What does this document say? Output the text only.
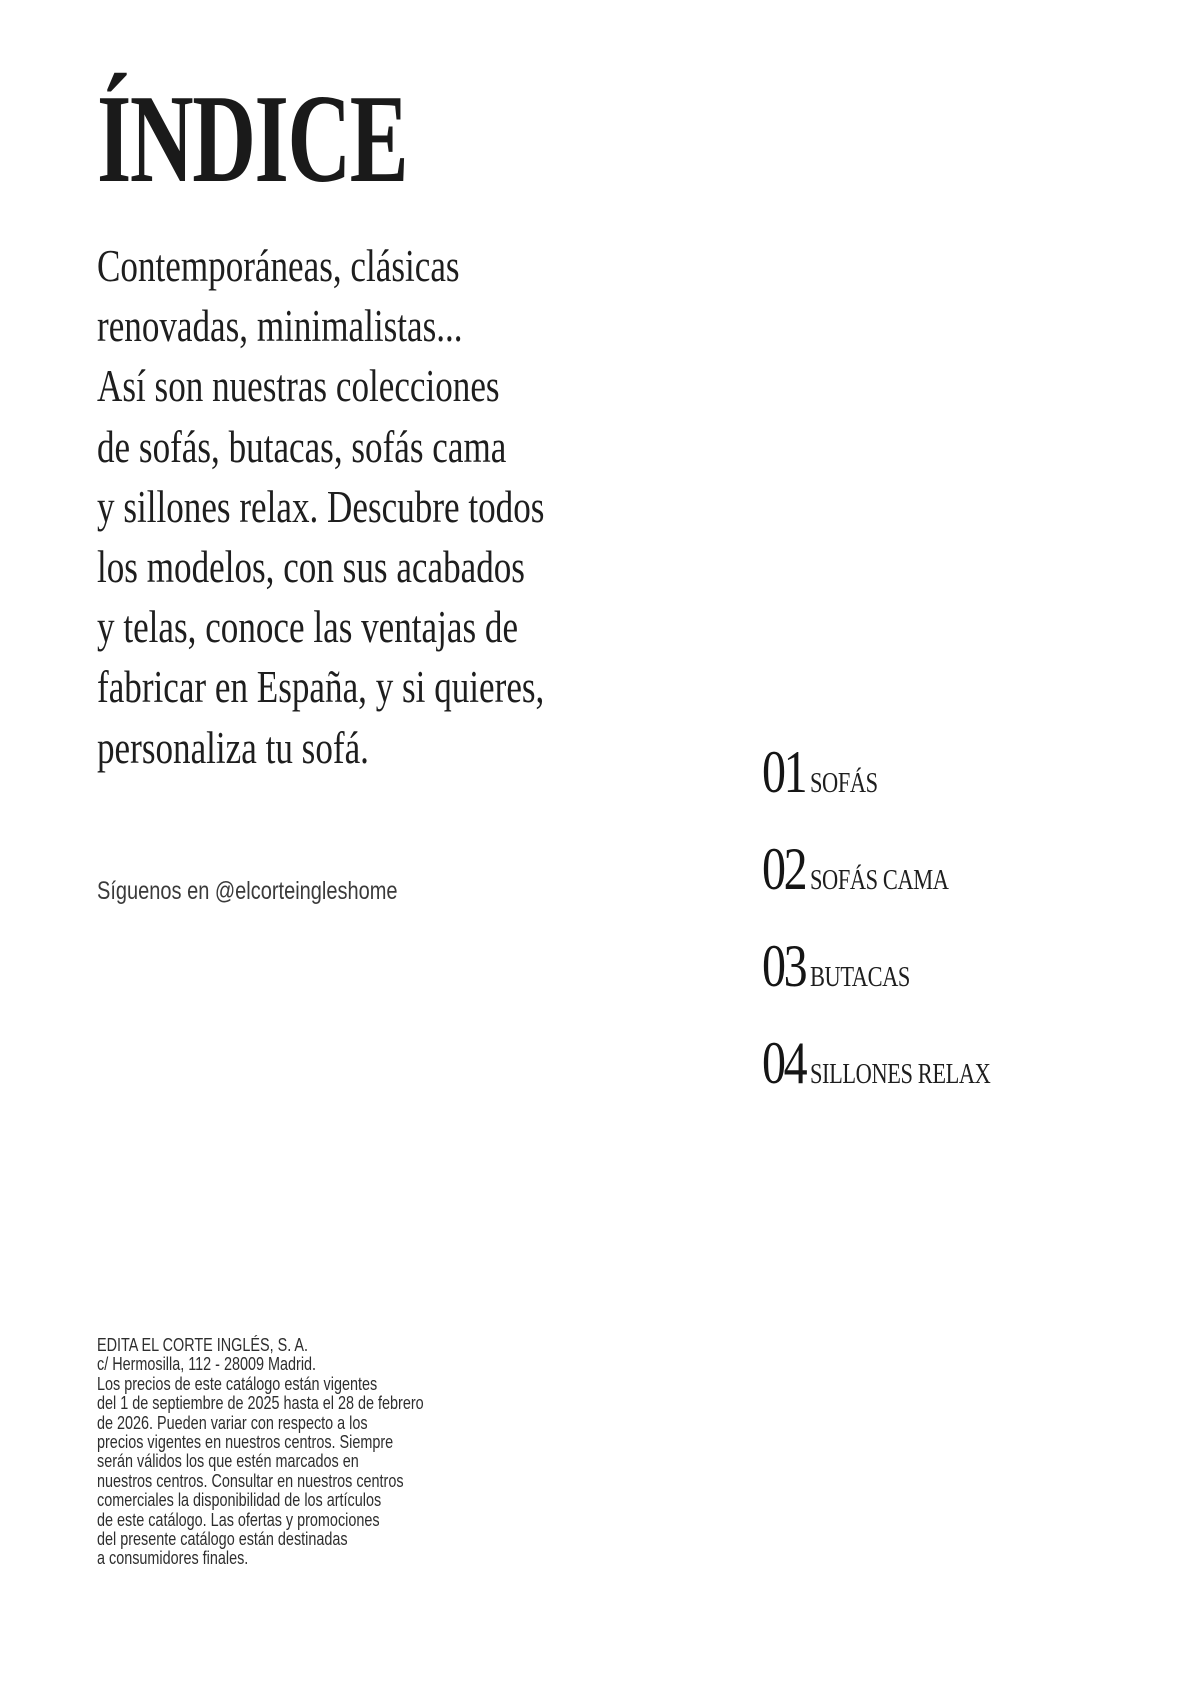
ÍNDICE

Contemporáneas, clásicas
renovadas, minimalistas...
Así son nuestras colecciones
de sofás, butacas, sofás cama
y sillones relax. Descubre todos
los modelos, con sus acabados
y telas, conoce las ventajas de
fabricar en España, y si quieres,
personaliza tu sofá.

Síguenos en @elcorteingleshome
01 SOFÁS
02 SOFÁS CAMA
03 BUTACAS
04 SILLONES RELAX

EDITA EL CORTE INGLÉS, S. A.
c/ Hermosilla, 112 - 28009 Madrid.
Los precios de este catálogo están vigentes
del 1 de septiembre de 2025 hasta el 28 de febrero
de 2026. Pueden variar con respecto a los
precios vigentes en nuestros centros. Siempre
serán válidos los que estén marcados en
nuestros centros. Consultar en nuestros centros
comerciales la disponibilidad de los artículos
de este catálogo. Las ofertas y promociones
del presente catálogo están destinadas
a consumidores finales.
